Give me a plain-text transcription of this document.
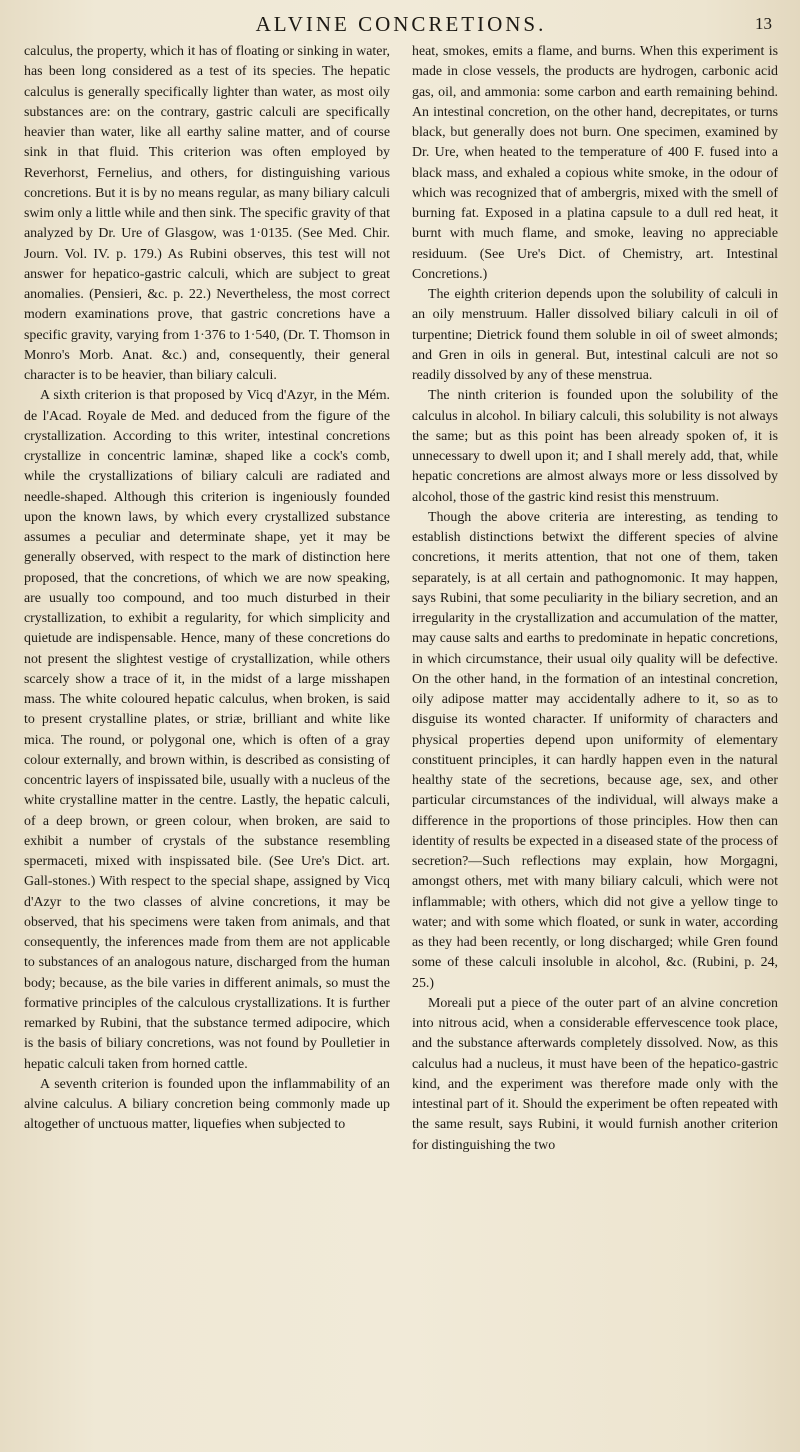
ALVINE CONCRETIONS.	13

calculus, the property, which it has of floating or sinking in water, has been long considered as a test of its species. The hepatic calculus is generally specifically lighter than water, as most oily substances are: on the contrary, gastric calculi are specifically heavier than water, like all earthy saline matter, and of course sink in that fluid. This criterion was often employed by Reverhorst, Fernelius, and others, for distinguishing various concretions. But it is by no means regular, as many biliary calculi swim only a little while and then sink. The specific gravity of that analyzed by Dr. Ure of Glasgow, was 1·0135. (See Med. Chir. Journ. Vol. IV. p. 179.) As Rubini observes, this test will not answer for hepatico-gastric calculi, which are subject to great anomalies. (Pensieri, &c. p. 22.) Nevertheless, the most correct modern examinations prove, that gastric concretions have a specific gravity, varying from 1·376 to 1·540, (Dr. T. Thomson in Monro's Morb. Anat. &c.) and, consequently, their general character is to be heavier, than biliary calculi.

A sixth criterion is that proposed by Vicq d'Azyr, in the Mém. de l'Acad. Royale de Med. and deduced from the figure of the crystallization. According to this writer, intestinal concretions crystallize in concentric laminæ, shaped like a cock's comb, while the crystallizations of biliary calculi are radiated and needle-shaped. Although this criterion is ingeniously founded upon the known laws, by which every crystallized substance assumes a peculiar and determinate shape, yet it may be generally observed, with respect to the mark of distinction here proposed, that the concretions, of which we are now speaking, are usually too compound, and too much disturbed in their crystallization, to exhibit a regularity, for which simplicity and quietude are indispensable. Hence, many of these concretions do not present the slightest vestige of crystallization, while others scarcely show a trace of it, in the midst of a large misshapen mass. The white coloured hepatic calculus, when broken, is said to present crystalline plates, or striæ, brilliant and white like mica. The round, or polygonal one, which is often of a gray colour externally, and brown within, is described as consisting of concentric layers of inspissated bile, usually with a nucleus of the white crystalline matter in the centre. Lastly, the hepatic calculi, of a deep brown, or green colour, when broken, are said to exhibit a number of crystals of the substance resembling spermaceti, mixed with inspissated bile. (See Ure's Dict. art. Gall-stones.) With respect to the special shape, assigned by Vicq d'Azyr to the two classes of alvine concretions, it may be observed, that his specimens were taken from animals, and that consequently, the inferences made from them are not applicable to substances of an analogous nature, discharged from the human body; because, as the bile varies in different animals, so must the formative principles of the calculous crystallizations. It is further remarked by Rubini, that the substance termed adipocire, which is the basis of biliary concretions, was not found by Poulletier in hepatic calculi taken from horned cattle.

A seventh criterion is founded upon the inflammability of an alvine calculus. A biliary concretion being commonly made up altogether of unctuous matter, liquefies when subjected to

heat, smokes, emits a flame, and burns. When this experiment is made in close vessels, the products are hydrogen, carbonic acid gas, oil, and ammonia: some carbon and earth remaining behind. An intestinal concretion, on the other hand, decrepitates, or turns black, but generally does not burn. One specimen, examined by Dr. Ure, when heated to the temperature of 400 F. fused into a black mass, and exhaled a copious white smoke, in the odour of which was recognized that of ambergris, mixed with the smell of burning fat. Exposed in a platina capsule to a dull red heat, it burnt with much flame, and smoke, leaving no appreciable residuum. (See Ure's Dict. of Chemistry, art. Intestinal Concretions.)

The eighth criterion depends upon the solubility of calculi in an oily menstruum. Haller dissolved biliary calculi in oil of turpentine; Dietrick found them soluble in oil of sweet almonds; and Gren in oils in general. But, intestinal calculi are not so readily dissolved by any of these menstrua.

The ninth criterion is founded upon the solubility of the calculus in alcohol. In biliary calculi, this solubility is not always the same; but as this point has been already spoken of, it is unnecessary to dwell upon it; and I shall merely add, that, while hepatic concretions are almost always more or less dissolved by alcohol, those of the gastric kind resist this menstruum.

Though the above criteria are interesting, as tending to establish distinctions betwixt the different species of alvine concretions, it merits attention, that not one of them, taken separately, is at all certain and pathognomonic. It may happen, says Rubini, that some peculiarity in the biliary secretion, and an irregularity in the crystallization and accumulation of the matter, may cause salts and earths to predominate in hepatic concretions, in which circumstance, their usual oily quality will be defective. On the other hand, in the formation of an intestinal concretion, oily adipose matter may accidentally adhere to it, so as to disguise its wonted character. If uniformity of characters and physical properties depend upon uniformity of elementary constituent principles, it can hardly happen even in the natural healthy state of the secretions, because age, sex, and other particular circumstances of the individual, will always make a difference in the proportions of those principles. How then can identity of results be expected in a diseased state of the process of secretion?—Such reflections may explain, how Morgagni, amongst others, met with many biliary calculi, which were not inflammable; with others, which did not give a yellow tinge to water; and with some which floated, or sunk in water, according as they had been recently, or long discharged; while Gren found some of these calculi insoluble in alcohol, &c. (Rubini, p. 24, 25.)

Moreali put a piece of the outer part of an alvine concretion into nitrous acid, when a considerable effervescence took place, and the substance afterwards completely dissolved. Now, as this calculus had a nucleus, it must have been of the hepatico-gastric kind, and the experiment was therefore made only with the intestinal part of it. Should the experiment be often repeated with the same result, says Rubini, it would furnish another criterion for distinguishing the two
